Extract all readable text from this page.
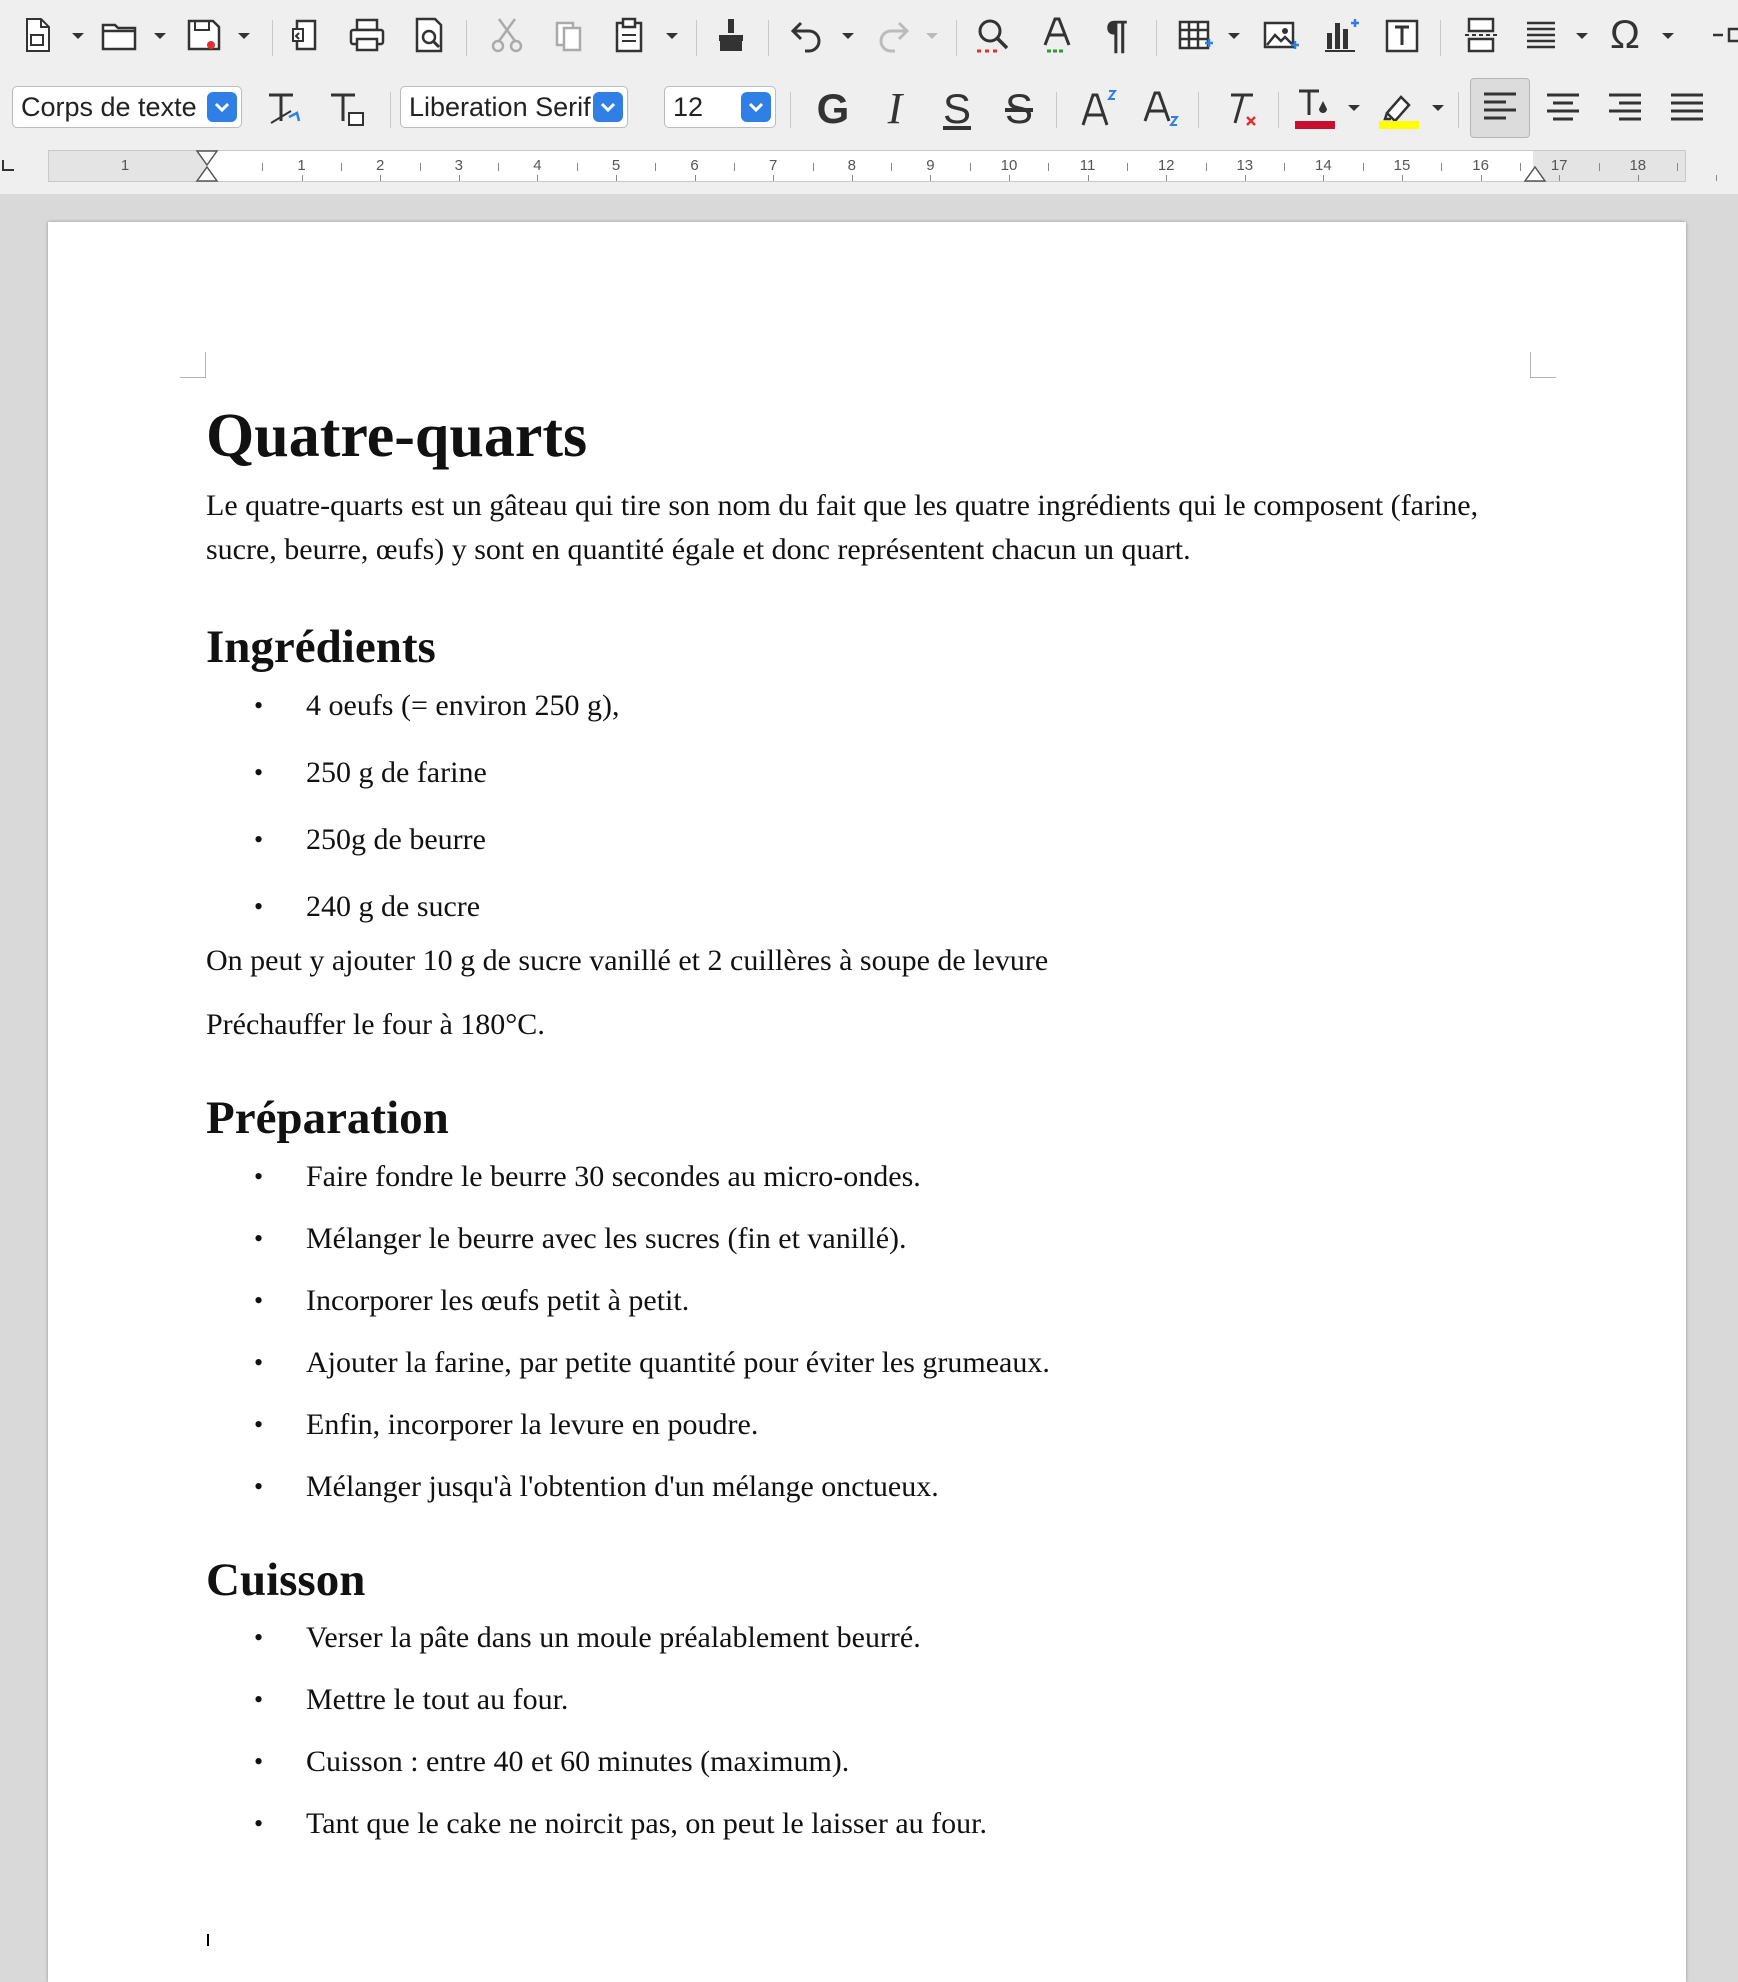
¶	Ω
Corps de texte	Liberation Serif	12	G I S S
1	1	2	3	4	5	6	7	8	9	10	11	12	13	14	15	16	17	18
Quatre-quarts

Le quatre-quarts est un gâteau qui tire son nom du fait que les quatre ingrédients qui le composent (farine, sucre, beurre, œufs) y sont en quantité égale et donc représentent chacun un quart.

Ingrédients
• 4 oeufs (= environ 250 g),
• 250 g de farine
• 250g de beurre
• 240 g de sucre

On peut y ajouter 10 g de sucre vanillé et 2 cuillères à soupe de levure

Préchauffer le four à 180°C.

Préparation
• Faire fondre le beurre 30 secondes au micro-ondes.
• Mélanger le beurre avec les sucres (fin et vanillé).
• Incorporer les œufs petit à petit.
• Ajouter la farine, par petite quantité pour éviter les grumeaux.
• Enfin, incorporer la levure en poudre.
• Mélanger jusqu'à l'obtention d'un mélange onctueux.
Cuisson
• Verser la pâte dans un moule préalablement beurré.
• Mettre le tout au four.
• Cuisson : entre 40 et 60 minutes (maximum).
• Tant que le cake ne noircit pas, on peut le laisser au four.
